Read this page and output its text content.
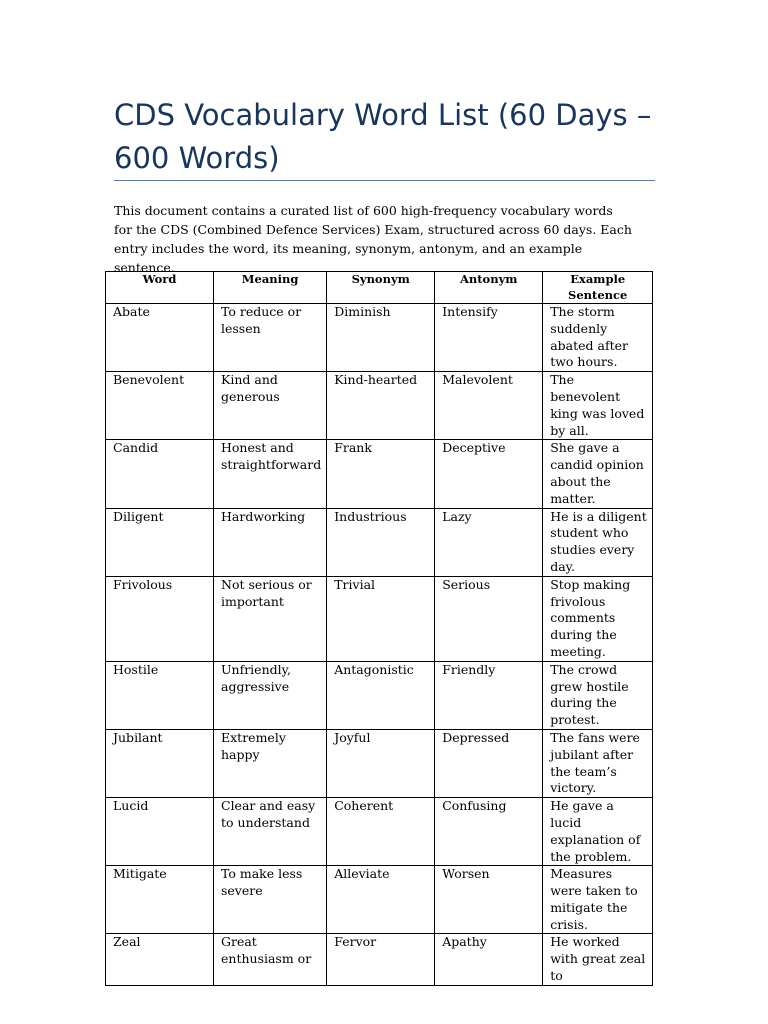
CDS Vocabulary Word List (60 Days – 600 Words)

This document contains a curated list of 600 high-frequency vocabulary words for the CDS (Combined Defence Services) Exam, structured across 60 days. Each entry includes the word, its meaning, synonym, antonym, and an example sentence.

Word	Meaning	Synonym	Antonym	Example Sentence
Abate	To reduce or lessen	Diminish	Intensify	The storm suddenly abated after two hours.
Benevolent	Kind and generous	Kind-hearted	Malevolent	The benevolent king was loved by all.
Candid	Honest and straightforward	Frank	Deceptive	She gave a candid opinion about the matter.
Diligent	Hardworking	Industrious	Lazy	He is a diligent student who studies every day.
Frivolous	Not serious or important	Trivial	Serious	Stop making frivolous comments during the meeting.
Hostile	Unfriendly, aggressive	Antagonistic	Friendly	The crowd grew hostile during the protest.
Jubilant	Extremely happy	Joyful	Depressed	The fans were jubilant after the team’s victory.
Lucid	Clear and easy to understand	Coherent	Confusing	He gave a lucid explanation of the problem.
Mitigate	To make less severe	Alleviate	Worsen	Measures were taken to mitigate the crisis.
Zeal	Great enthusiasm or	Fervor	Apathy	He worked with great zeal to
